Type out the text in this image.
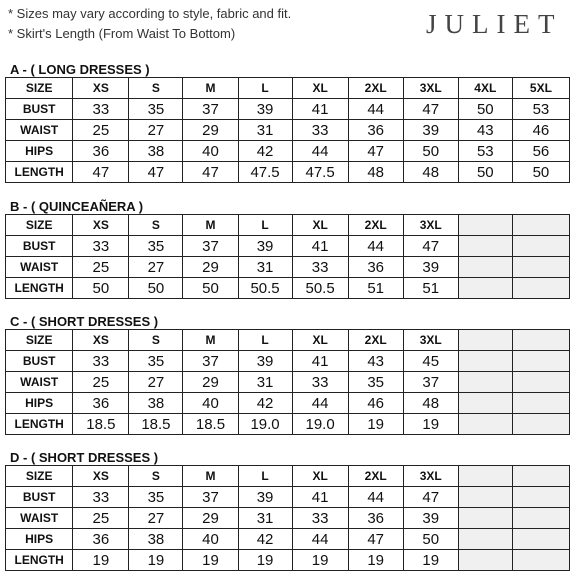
* Sizes may vary according to style, fabric and fit.
* Skirt's Length (From Waist To Bottom)	JULIET
A - ( LONG DRESSES )
SIZE	XS	S	M	L	XL	2XL	3XL	4XL	5XL
BUST	33	35	37	39	41	44	47	50	53
WAIST	25	27	29	31	33	36	39	43	46
HIPS	36	38	40	42	44	47	50	53	56
LENGTH	47	47	47	47.5	47.5	48	48	50	50
B - ( QUINCEAÑERA )
SIZE	XS	S	M	L	XL	2XL	3XL		
BUST	33	35	37	39	41	44	47		
WAIST	25	27	29	31	33	36	39		
LENGTH	50	50	50	50.5	50.5	51	51		
C - ( SHORT DRESSES )
SIZE	XS	S	M	L	XL	2XL	3XL		
BUST	33	35	37	39	41	43	45		
WAIST	25	27	29	31	33	35	37		
HIPS	36	38	40	42	44	46	48		
LENGTH	18.5	18.5	18.5	19.0	19.0	19	19		
D - ( SHORT DRESSES )
SIZE	XS	S	M	L	XL	2XL	3XL		
BUST	33	35	37	39	41	44	47		
WAIST	25	27	29	31	33	36	39		
HIPS	36	38	40	42	44	47	50		
LENGTH	19	19	19	19	19	19	19		
